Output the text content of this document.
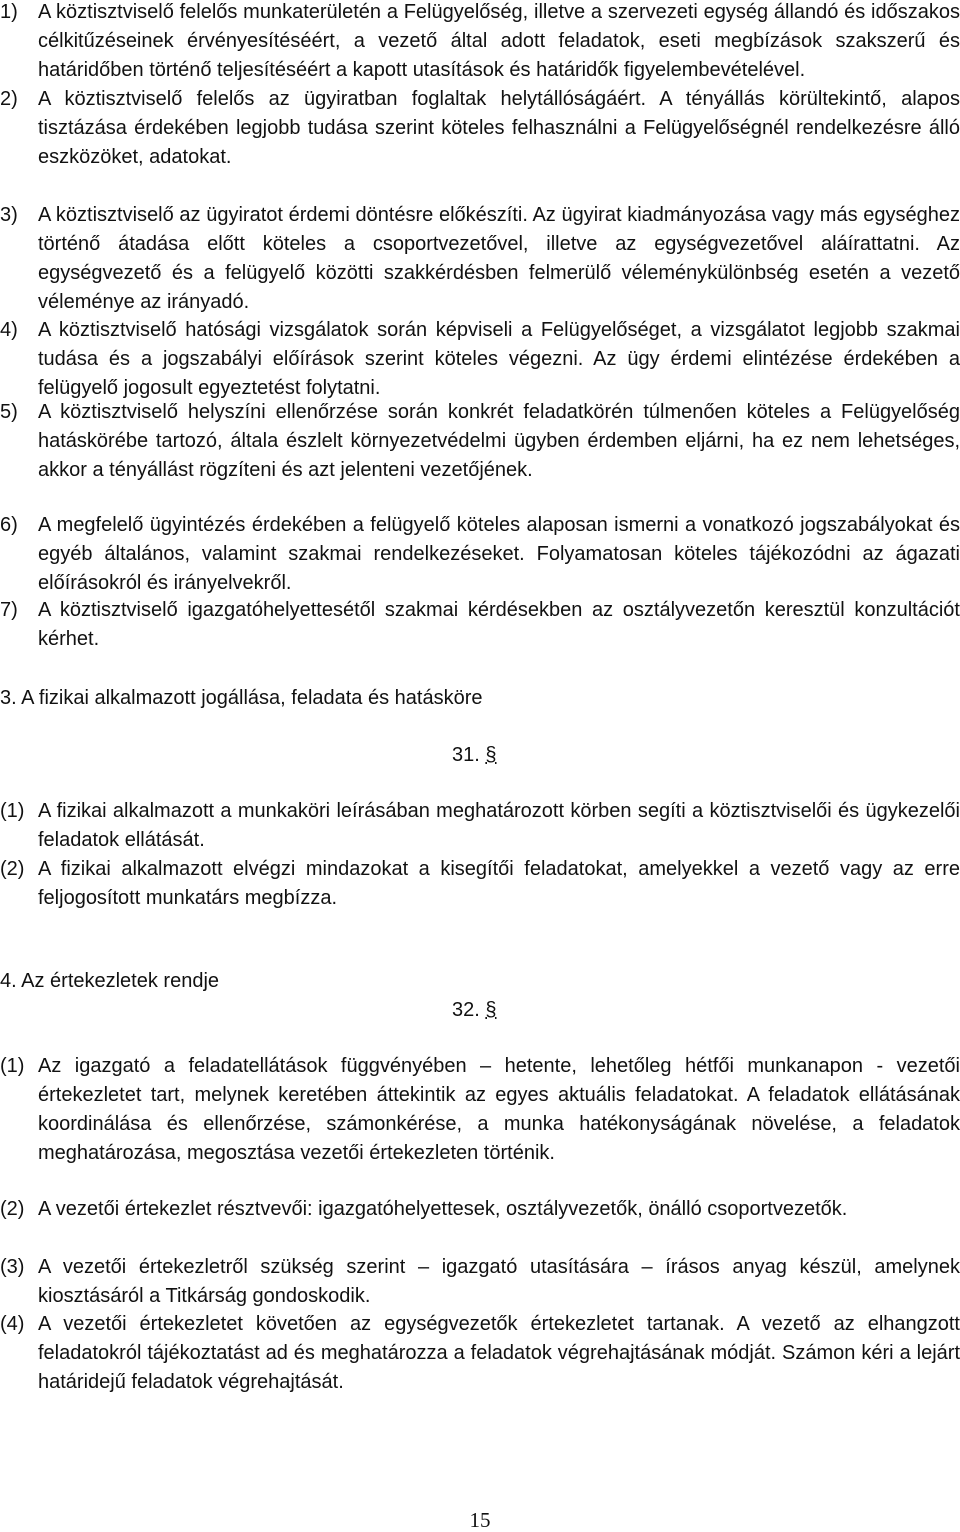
1) A köztisztviselő felelős munkaterületén a Felügyelőség, illetve a szervezeti egység állandó és időszakos célkitűzéseinek érvényesítéséért, a vezető által adott feladatok, eseti megbízások szakszerű és határidőben történő teljesítéséért a kapott utasítások és határidők figyelembevételével.
2) A köztisztviselő felelős az ügyiratban foglaltak helytállóságáért. A tényállás körültekintő, alapos tisztázása érdekében legjobb tudása szerint köteles felhasználni a Felügyelőségnél rendelkezésre álló eszközöket, adatokat.
3) A köztisztviselő az ügyiratot érdemi döntésre előkészíti. Az ügyirat kiadmányozása vagy más egységhez történő átadása előtt köteles a csoportvezetővel, illetve az egységvezetővel aláírattatni. Az egységvezető és a felügyelő közötti szakkérdésben felmerülő véleménykülönbség esetén a vezető véleménye az irányadó.
4) A köztisztviselő hatósági vizsgálatok során képviseli a Felügyelőséget, a vizsgálatot legjobb szakmai tudása és a jogszabályi előírások szerint köteles végezni. Az ügy érdemi elintézése érdekében a felügyelő jogosult egyeztetést folytatni.
5) A köztisztviselő helyszíni ellenőrzése során konkrét feladatkörén túlmenően köteles a Felügyelőség hatáskörébe tartozó, általa észlelt környezetvédelmi ügyben érdemben eljárni, ha ez nem lehetséges, akkor a tényállást rögzíteni és azt jelenteni vezetőjének.
6) A megfelelő ügyintézés érdekében a felügyelő köteles alaposan ismerni a vonatkozó jogszabályokat és egyéb általános, valamint szakmai rendelkezéseket. Folyamatosan köteles tájékozódni az ágazati előírásokról és irányelvekről.
7) A köztisztviselő igazgatóhelyettesétől szakmai kérdésekben az osztályvezetőn keresztül konzultációt kérhet.
3. A fizikai alkalmazott jogállása, feladata és hatásköre
31. §
(1) A fizikai alkalmazott a munkaköri leírásában meghatározott körben segíti a köztisztviselői és ügykezelői feladatok ellátását.
(2) A fizikai alkalmazott elvégzi mindazokat a kisegítői feladatokat, amelyekkel a vezető vagy az erre feljogosított munkatárs megbízza.
4. Az értekezletek rendje
32. §
(1) Az igazgató a feladatellátások függvényében – hetente, lehetőleg hétfői munkanapon - vezetői értekezletet tart, melynek keretében áttekintik az egyes aktuális feladatokat. A feladatok ellátásának koordinálása és ellenőrzése, számonkérése, a munka hatékonyságának növelése, a feladatok meghatározása, megosztása vezetői értekezleten történik.
(2) A vezetői értekezlet résztvevői: igazgatóhelyettesek, osztályvezetők, önálló csoportvezetők.
(3) A vezetői értekezletről szükség szerint – igazgató utasítására – írásos anyag készül, amelynek kiosztásáról a Titkárság gondoskodik.
(4) A vezetői értekezletet követően az egységvezetők értekezletet tartanak. A vezető az elhangzott feladatokról tájékoztatást ad és meghatározza a feladatok végrehajtásának módját. Számon kéri a lejárt határidejű feladatok végrehajtását.
15
